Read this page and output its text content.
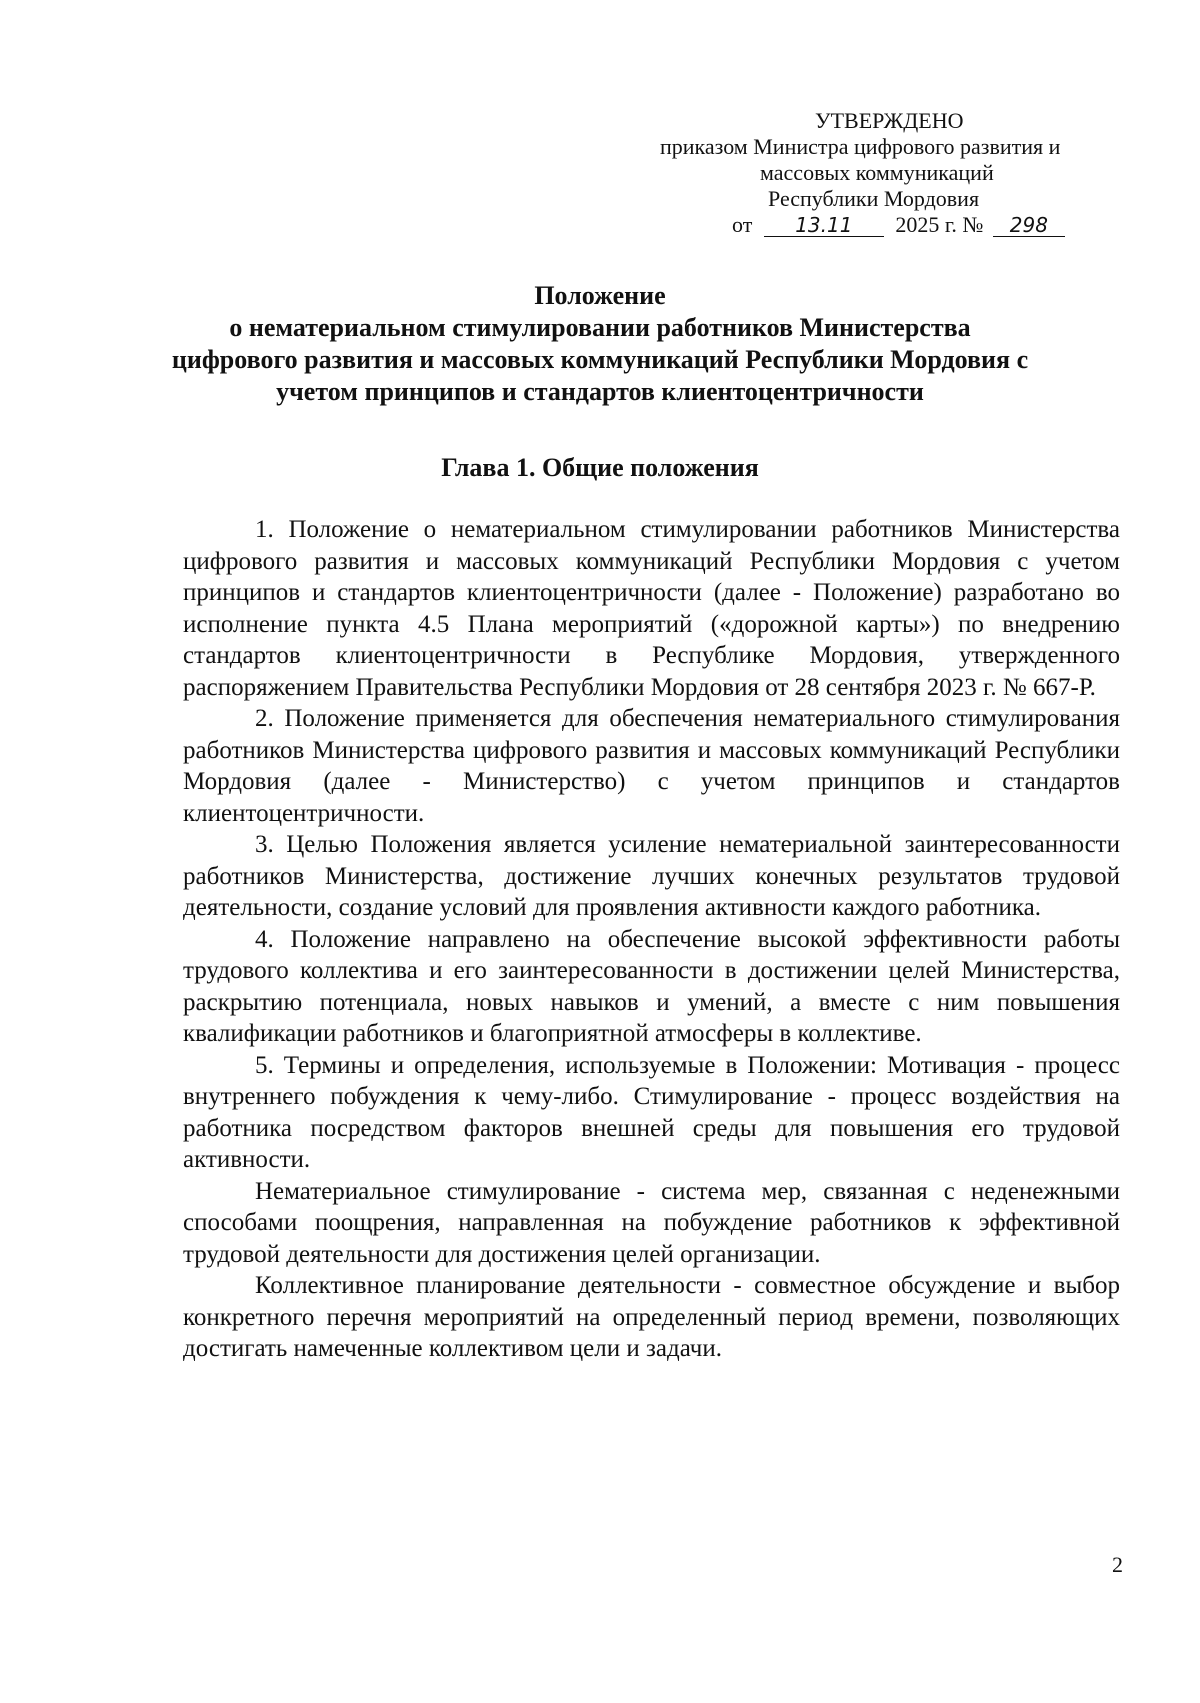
УТВЕРЖДЕНО
приказом Министра цифрового развития и
массовых коммуникаций
Республики Мордовия
от 13.11 2025 г. № 298
Положение
о нематериальном стимулировании работников Министерства
цифрового развития и массовых коммуникаций Республики Мордовия с
учетом принципов и стандартов клиентоцентричности
Глава 1. Общие положения

1. Положение о нематериальном стимулировании работников Министерства цифрового развития и массовых коммуникаций Республики Мордовия с учетом принципов и стандартов клиентоцентричности (далее - Положение) разработано во исполнение пункта 4.5 Плана мероприятий («дорожной карты») по внедрению стандартов клиентоцентричности в Республике Мордовия, утвержденного распоряжением Правительства Республики Мордовия от 28 сентября 2023 г. № 667-Р.

2. Положение применяется для обеспечения нематериального стимулирования работников Министерства цифрового развития и массовых коммуникаций Республики Мордовия (далее - Министерство) с учетом принципов и стандартов клиентоцентричности.

3. Целью Положения является усиление нематериальной заинтересованности работников Министерства, достижение лучших конечных результатов трудовой деятельности, создание условий для проявления активности каждого работника.

4. Положение направлено на обеспечение высокой эффективности работы трудового коллектива и его заинтересованности в достижении целей Министерства, раскрытию потенциала, новых навыков и умений, а вместе с ним повышения квалификации работников и благоприятной атмосферы в коллективе.

5. Термины и определения, используемые в Положении: Мотивация - процесс внутреннего побуждения к чему-либо. Стимулирование - процесс воздействия на работника посредством факторов внешней среды для повышения его трудовой активности.

Нематериальное стимулирование - система мер, связанная с неденежными способами поощрения, направленная на побуждение работников к эффективной трудовой деятельности для достижения целей организации.

Коллективное планирование деятельности - совместное обсуждение и выбор конкретного перечня мероприятий на определенный период времени, позволяющих достигать намеченные коллективом цели и задачи.

2
